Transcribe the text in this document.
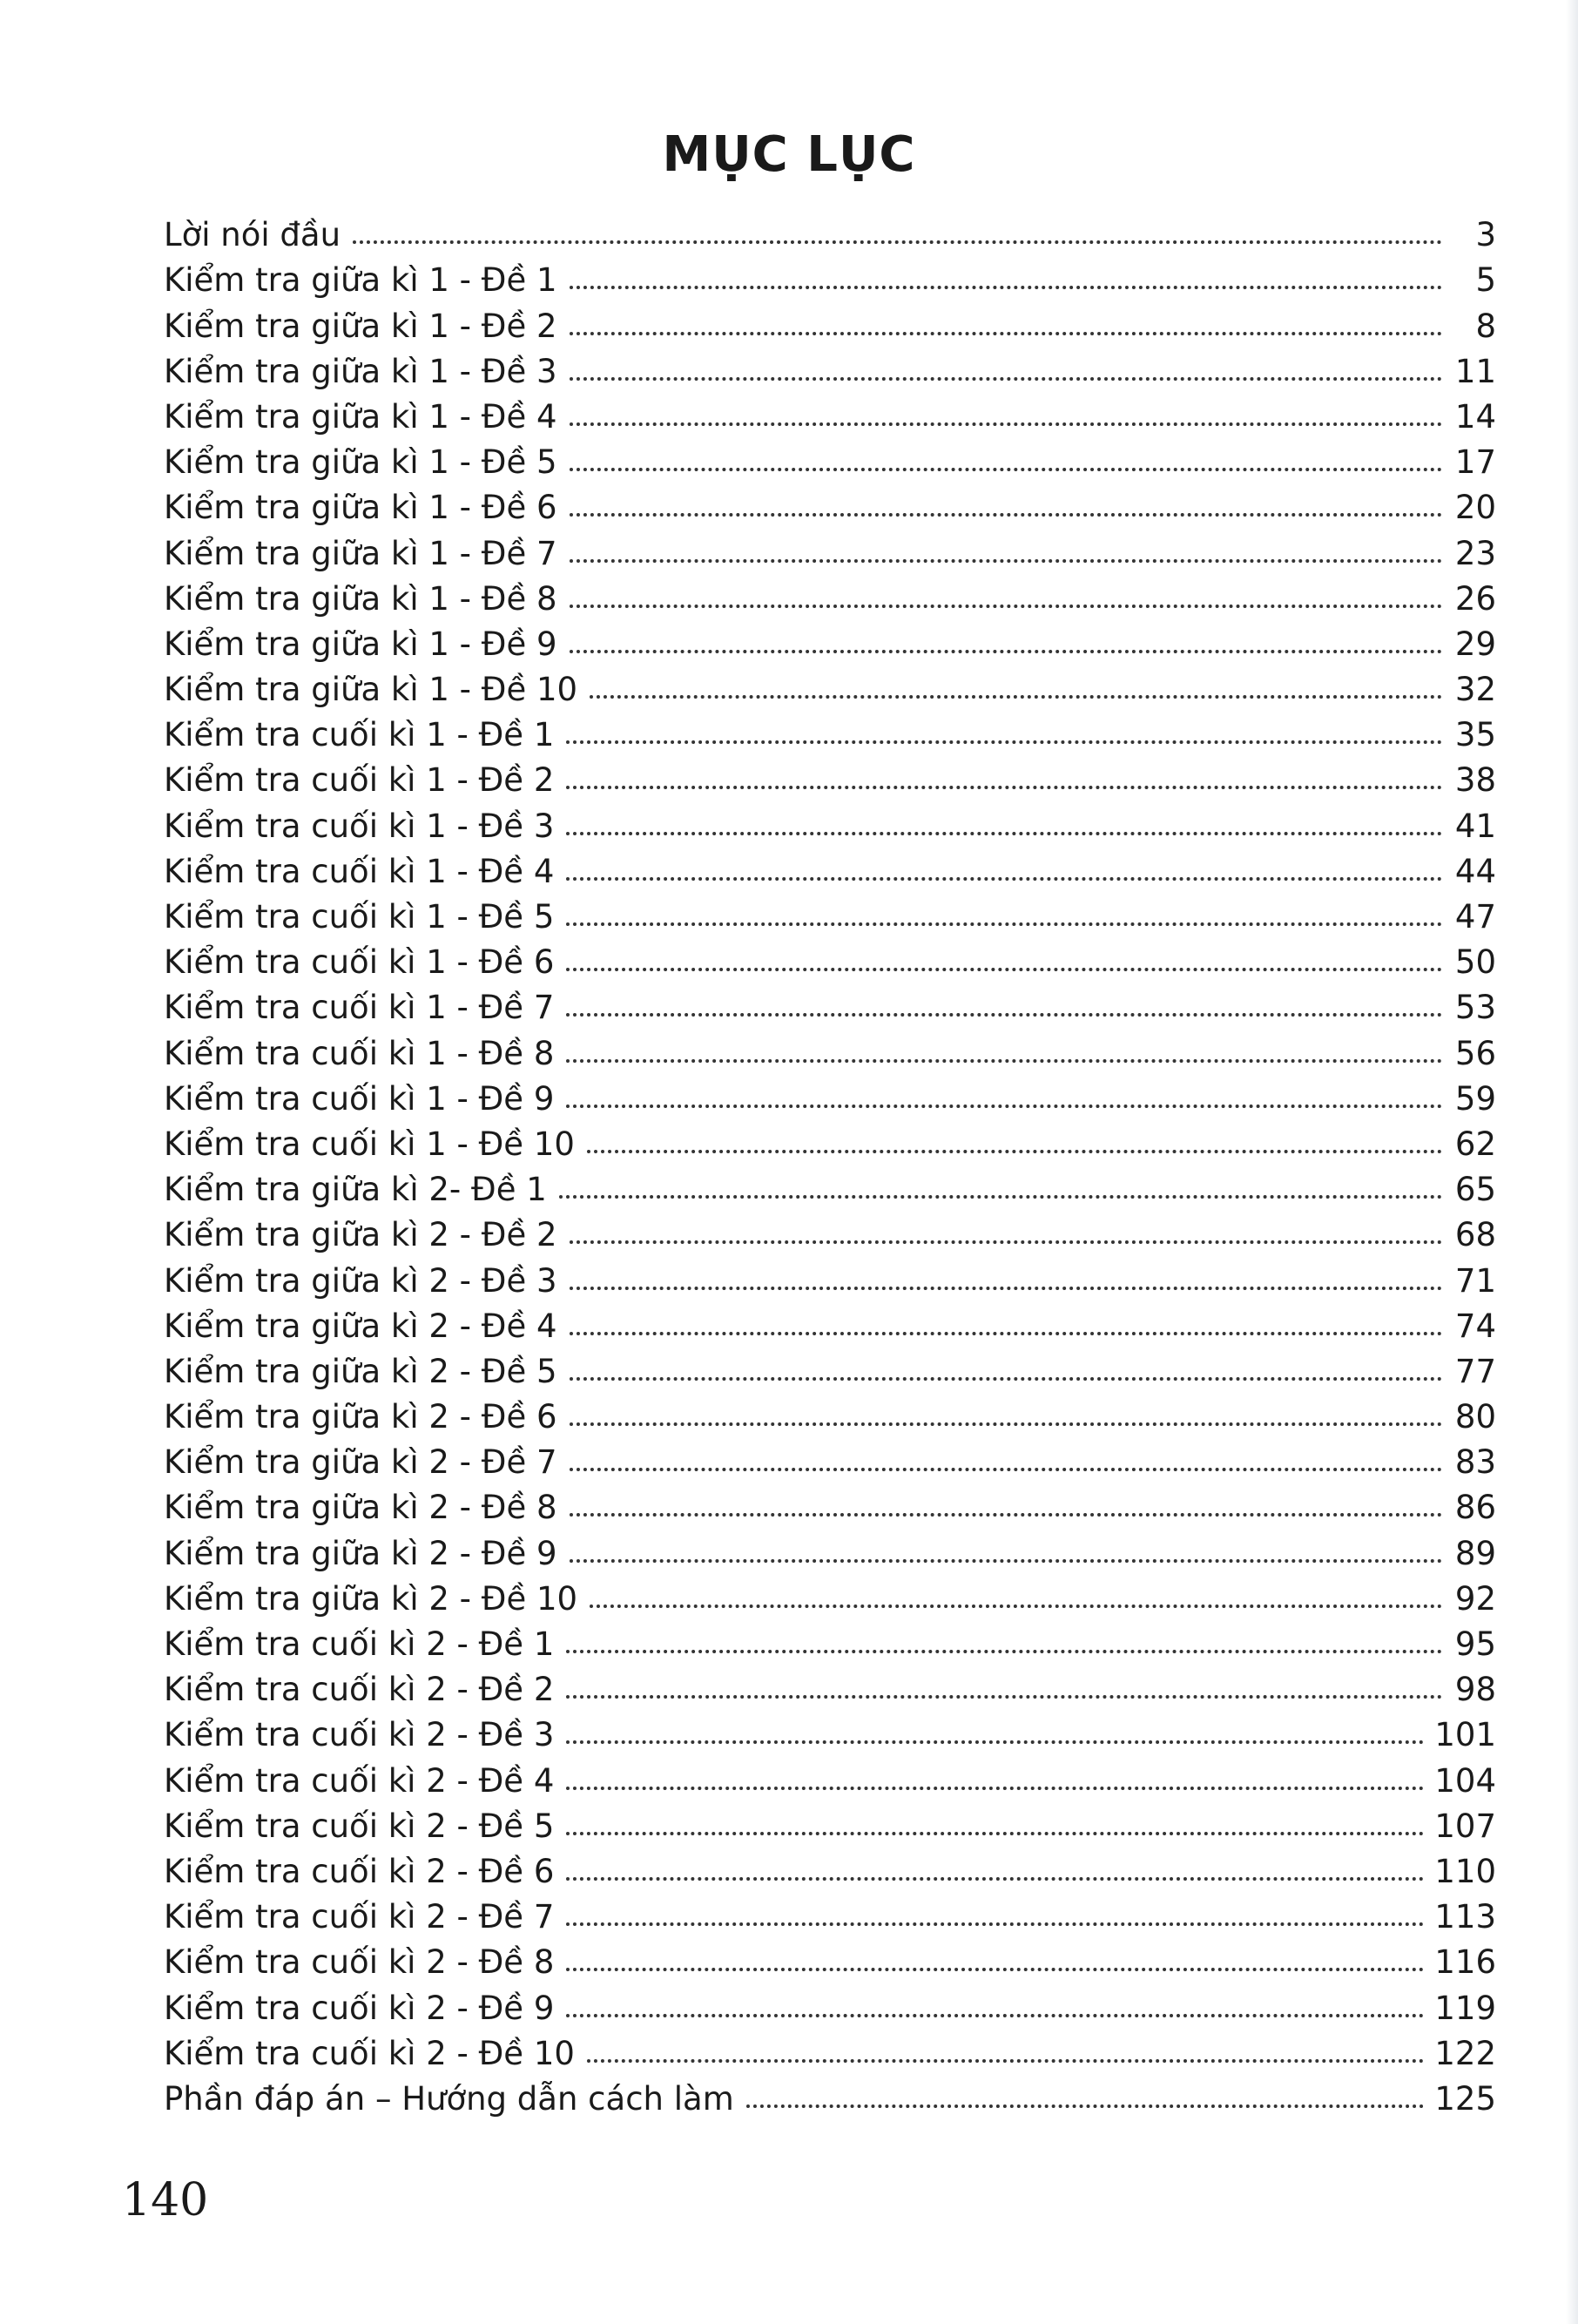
MỤC LỤC
Lời nói đầu	3
Kiểm tra giữa kì 1 - Đề 1	5
Kiểm tra giữa kì 1 - Đề 2	8
Kiểm tra giữa kì 1 - Đề 3	11
Kiểm tra giữa kì 1 - Đề 4	14
Kiểm tra giữa kì 1 - Đề 5	17
Kiểm tra giữa kì 1 - Đề 6	20
Kiểm tra giữa kì 1 - Đề 7	23
Kiểm tra giữa kì 1 - Đề 8	26
Kiểm tra giữa kì 1 - Đề 9	29
Kiểm tra giữa kì 1 - Đề 10	32
Kiểm tra cuối kì 1 - Đề 1	35
Kiểm tra cuối kì 1 - Đề 2	38
Kiểm tra cuối kì 1 - Đề 3	41
Kiểm tra cuối kì 1 - Đề 4	44
Kiểm tra cuối kì 1 - Đề 5	47
Kiểm tra cuối kì 1 - Đề 6	50
Kiểm tra cuối kì 1 - Đề 7	53
Kiểm tra cuối kì 1 - Đề 8	56
Kiểm tra cuối kì 1 - Đề 9	59
Kiểm tra cuối kì 1 - Đề 10	62
Kiểm tra giữa kì 2- Đề 1	65
Kiểm tra giữa kì 2 - Đề 2	68
Kiểm tra giữa kì 2 - Đề 3	71
Kiểm tra giữa kì 2 - Đề 4	74
Kiểm tra giữa kì 2 - Đề 5	77
Kiểm tra giữa kì 2 - Đề 6	80
Kiểm tra giữa kì 2 - Đề 7	83
Kiểm tra giữa kì 2 - Đề 8	86
Kiểm tra giữa kì 2 - Đề 9	89
Kiểm tra giữa kì 2 - Đề 10	92
Kiểm tra cuối kì 2 - Đề 1	95
Kiểm tra cuối kì 2 - Đề 2	98
Kiểm tra cuối kì 2 - Đề 3	101
Kiểm tra cuối kì 2 - Đề 4	104
Kiểm tra cuối kì 2 - Đề 5	107
Kiểm tra cuối kì 2 - Đề 6	110
Kiểm tra cuối kì 2 - Đề 7	113
Kiểm tra cuối kì 2 - Đề 8	116
Kiểm tra cuối kì 2 - Đề 9	119
Kiểm tra cuối kì 2 - Đề 10	122
Phần đáp án – Hướng dẫn cách làm	125
140
